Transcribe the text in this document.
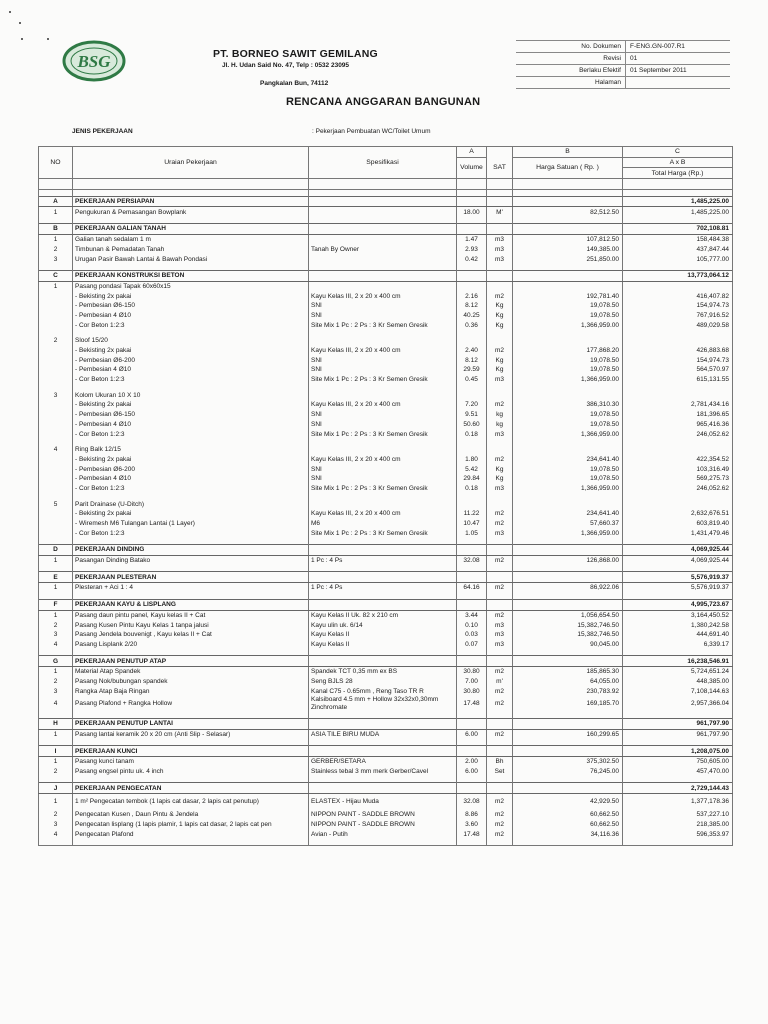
BSG	PT. BORNEO SAWIT GEMILANG
Jl. H. Udan Said No. 47, Telp : 0532 23095
Pangkalan Bun, 74112
No. Dokumen	F-ENG.GN-007.R1
Revisi	01
Berlaku Efektif	01 September 2011
Halaman
RENCANA ANGGARAN BANGUNAN
JENIS PEKERJAAN	: Pekerjaan Pembuatan WC/Toilet Umum
NO	Uraian Pekerjaan	Spesifikasi	A		B	C
			Volume	SAT	Harga Satuan ( Rp. )	A x B
						Total Harga (Rp.)

A	PEKERJAAN PERSIAPAN					1,485,225.00
1	Pengukuran & Pemasangan Bowplank		18.00	M'	82,512.50	1,485,225.00

B	PEKERJAAN GALIAN TANAH					702,108.81
1	Galian tanah sedalam 1 m		1.47	m3	107,812.50	158,484.38
2	Timbunan & Pemadatan Tanah	Tanah By Owner	2.93	m3	149,385.00	437,847.44
3	Urugan Pasir Bawah Lantai & Bawah Pondasi		0.42	m3	251,850.00	105,777.00

C	PEKERJAAN KONSTRUKSI BETON					13,773,064.12
1	Pasang pondasi Tapak 60x60x15					
	- Bekisting 2x pakai	Kayu Kelas III, 2 x 20 x 400 cm	2.16	m2	192,781.40	416,407.82
	- Pembesian Ø6-150	SNI	8.12	Kg	19,078.50	154,974.73
	- Pembesian 4 Ø10	SNI	40.25	Kg	19,078.50	767,916.52
	- Cor Beton 1:2:3	Site Mix 1 Pc : 2 Ps : 3 Kr Semen Gresik	0.36	Kg	1,366,959.00	489,029.58

2	Sloof 15/20					
	- Bekisting 2x pakai	Kayu Kelas III, 2 x 20 x 400 cm	2.40	m2	177,868.20	426,883.68
	- Pembesian Ø6-200	SNI	8.12	Kg	19,078.50	154,974.73
	- Pembesian 4 Ø10	SNI	29.59	Kg	19,078.50	564,570.97
	- Cor Beton 1:2:3	Site Mix 1 Pc : 2 Ps : 3 Kr Semen Gresik	0.45	m3	1,366,959.00	615,131.55

3	Kolom Ukuran 10 X 10					
	- Bekisting 2x pakai	Kayu Kelas III, 2 x 20 x 400 cm	7.20	m2	386,310.30	2,781,434.16
	- Pembesian Ø6-150	SNI	9.51	kg	19,078.50	181,396.65
	- Pembesian 4 Ø10	SNI	50.60	kg	19,078.50	965,416.36
	- Cor Beton 1:2:3	Site Mix 1 Pc : 2 Ps : 3 Kr Semen Gresik	0.18	m3	1,366,959.00	246,052.62

4	Ring Balk 12/15					
	- Bekisting 2x pakai	Kayu Kelas III, 2 x 20 x 400 cm	1.80	m2	234,641.40	422,354.52
	- Pembesian Ø6-200	SNI	5.42	Kg	19,078.50	103,316.49
	- Pembesian 4 Ø10	SNI	29.84	Kg	19,078.50	569,275.73
	- Cor Beton 1:2:3	Site Mix 1 Pc : 2 Ps : 3 Kr Semen Gresik	0.18	m3	1,366,959.00	246,052.62

5	Parit Drainase (U-Ditch)					
	- Bekisting 2x pakai	Kayu Kelas III, 2 x 20 x 400 cm	11.22	m2	234,641.40	2,632,676.51
	- Wiremesh M6 Tulangan Lantai (1 Layer)	M6	10.47	m2	57,660.37	603,819.40
	- Cor Beton 1:2:3	Site Mix 1 Pc : 2 Ps : 3 Kr Semen Gresik	1.05	m3	1,366,959.00	1,431,479.46

D	PEKERJAAN DINDING					4,069,925.44
1	Pasangan Dinding Batako	1 Pc : 4 Ps	32.08	m2	126,868.00	4,069,925.44

E	PEKERJAAN PLESTERAN					5,576,919.37
1	Plesteran + Aci 1 : 4	1 Pc : 4 Ps	64.16	m2	86,922.06	5,576,919.37

F	PEKERJAAN KAYU & LISPLANG					4,995,723.67
1	Pasang daun pintu panel, Kayu kelas II + Cat	Kayu Kelas II Uk. 82 x 210 cm	3.44	m2	1,056,654.50	3,164,450.52
2	Pasang Kusen Pintu Kayu Kelas 1 tanpa jalusi	Kayu ulin uk. 6/14	0.10	m3	15,382,746.50	1,380,242.58
3	Pasang Jendela bouvenigt , Kayu kelas II + Cat	Kayu Kelas II	0.03	m3	15,382,746.50	444,691.40
4	Pasang Lisplank 2/20	Kayu Kelas II	0.07	m3	90,045.00	6,339.17

G	PEKERJAAN PENUTUP ATAP					16,238,546.91
1	Material Atap Spandek	Spandek TCT 0,35 mm ex BS	30.80	m2	185,865.30	5,724,651.24
2	Pasang Nok/bubungan spandek	Seng BJLS 28	7.00	m'	64,055.00	448,385.00
3	Rangka Atap Baja Ringan	Kanal C75 - 0.65mm , Reng Taso TR R	30.80	m2	230,783.92	7,108,144.63
4	Pasang Plafond + Rangka Hollow	Kalsiboard 4.5 mm + Hollow 32x32x0,30mm Zinchromate	17.48	m2	169,185.70	2,957,366.04

H	PEKERJAAN PENUTUP LANTAI					961,797.90
1	Pasang lantai keramik 20 x 20 cm (Anti Slip - Selasar)	ASIA TILE BIRU MUDA	6.00	m2	160,299.65	961,797.90

I	PEKERJAAN KUNCI					1,208,075.00
1	Pasang kunci tanam	GERBER/SETARA	2.00	Bh	375,302.50	750,605.00
2	Pasang engsel pintu uk. 4 inch	Stainless tebal 3 mm merk Gerber/Cavel	6.00	Set	76,245.00	457,470.00

J	PEKERJAAN PENGECATAN					2,729,144.43
1	1 m² Pengecatan tembok (1 lapis cat dasar, 2 lapis cat penutup)	ELASTEX - Hijau Muda	32.08	m2	42,929.50	1,377,178.36
2	Pengecatan Kusen , Daun Pintu & Jendela	NIPPON PAINT - SADDLE BROWN	8.86	m2	60,662.50	537,227.10
3	Pengecatan lisplang (1 lapis plamir, 1 lapis cat dasar, 2 lapis cat pen	NIPPON PAINT - SADDLE BROWN	3.60	m2	60,662.50	218,385.00
4	Pengecatan Plafond	Avian - Putih	17.48	m2	34,116.36	596,353.97
